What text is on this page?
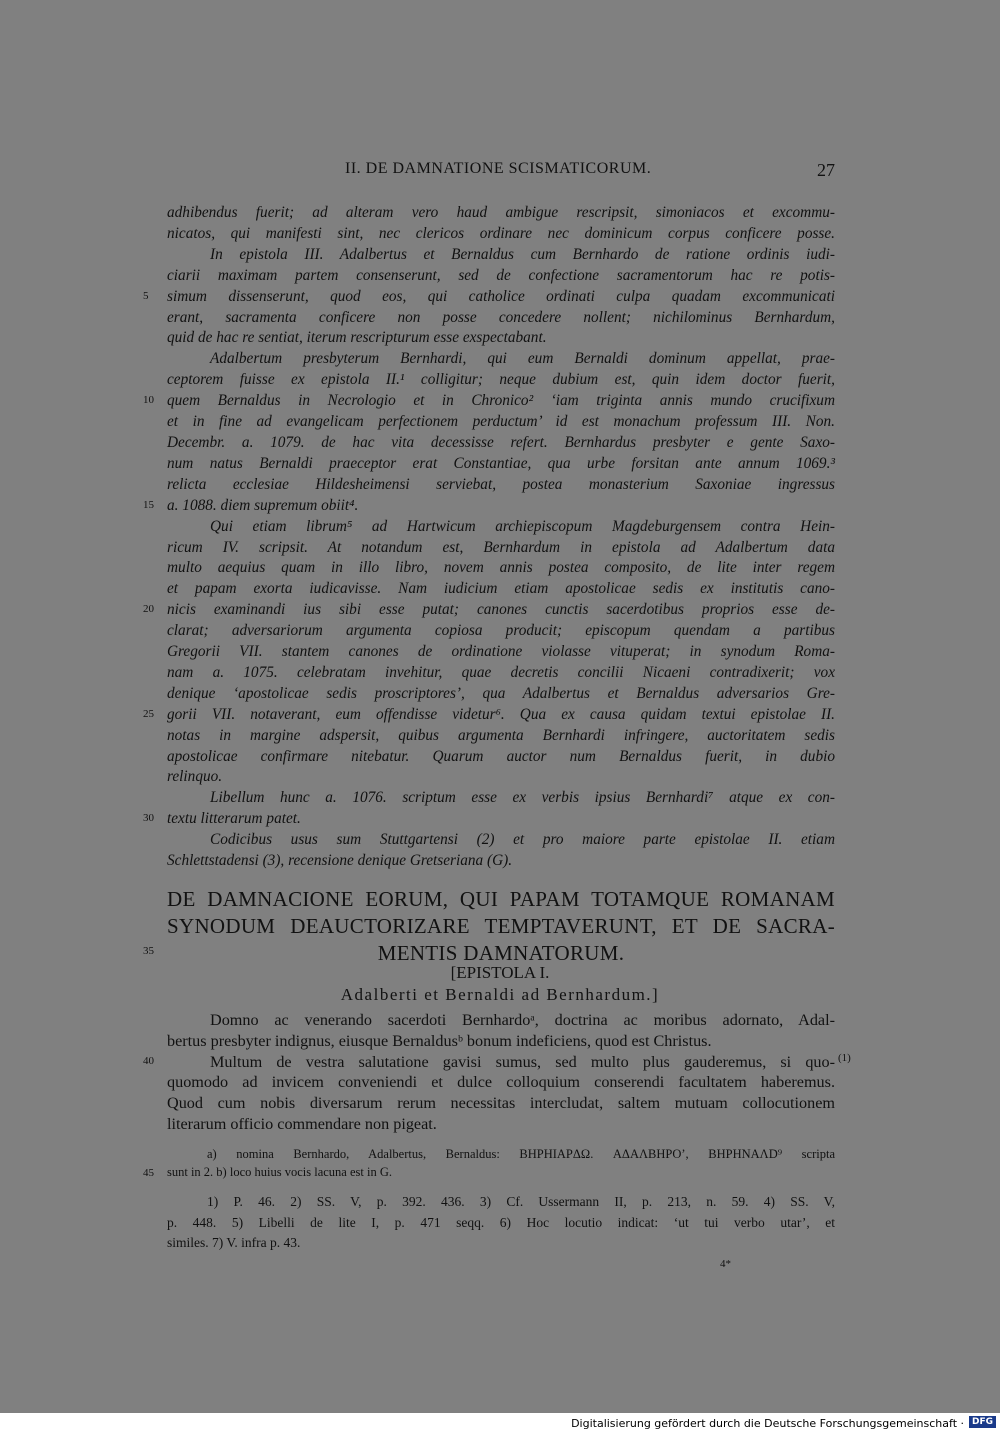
II. DE DAMNATIONE SCISMATICORUM.	27
adhibendus fuerit; ad alteram vero haud ambigue rescripsit, simoniacos et excommu-
nicatos, qui manifesti sint, nec clericos ordinare nec dominicum corpus conficere posse.
In epistola III. Adalbertus et Bernaldus cum Bernhardo de ratione ordinis iudi-
ciarii maximam partem consenserunt, sed de confectione sacramentorum hac re potis-
simum dissenserunt, quod eos, qui catholice ordinati culpa quadam excommunicati
erant, sacramenta conficere non posse concedere nollent; nichilominus Bernhardum,
quid de hac re sentiat, iterum rescripturum esse exspectabant.
Adalbertum presbyterum Bernhardi, qui eum Bernaldi dominum appellat, prae-
ceptorem fuisse ex epistola II.¹ colligitur; neque dubium est, quin idem doctor fuerit,
quem Bernaldus in Necrologio et in Chronico² ‘iam triginta annis mundo crucifixum
et in fine ad evangelicam perfectionem perductum’ id est monachum professum III. Non.
Decembr. a. 1079. de hac vita decessisse refert. Bernhardus presbyter e gente Saxo-
num natus Bernaldi praeceptor erat Constantiae, qua urbe forsitan ante annum 1069.³
relicta ecclesiae Hildesheimensi serviebat, postea monasterium Saxoniae ingressus
a. 1088. diem supremum obiit⁴.
Qui etiam librum⁵ ad Hartwicum archiepiscopum Magdeburgensem contra Hein-
ricum IV. scripsit. At notandum est, Bernhardum in epistola ad Adalbertum data
multo aequius quam in illo libro, novem annis postea composito, de lite inter regem
et papam exorta iudicavisse. Nam iudicium etiam apostolicae sedis ex institutis cano-
nicis examinandi ius sibi esse putat; canones cunctis sacerdotibus proprios esse de-
clarat; adversariorum argumenta copiosa producit; episcopum quendam a partibus
Gregorii VII. stantem canones de ordinatione violasse vituperat; in synodum Roma-
nam a. 1075. celebratam invehitur, quae decretis concilii Nicaeni contradixerit; vox
denique ‘apostolicae sedis proscriptores’, qua Adalbertus et Bernaldus adversarios Gre-
gorii VII. notaverant, eum offendisse videtur⁶. Qua ex causa quidam textui epistolae II.
notas in margine adspersit, quibus argumenta Bernhardi infringere, auctoritatem sedis
apostolicae confirmare nitebatur. Quarum auctor num Bernaldus fuerit, in dubio
relinquo.
Libellum hunc a. 1076. scriptum esse ex verbis ipsius Bernhardi⁷ atque ex con-
textu litterarum patet.
Codicibus usus sum Stuttgartensi (2) et pro maiore parte epistolae II. etiam
Schlettstadensi (3), recensione denique Gretseriana (G).
DE DAMNACIONE EORUM, QUI PAPAM TOTAMQUE ROMANAM
SYNODUM DEAUCTORIZARE TEMPTAVERUNT, ET DE SACRA-
MENTIS DAMNATORUM.
35
[EPISTOLA I.
Adalberti et Bernaldi ad Bernhardum.]
Domno ac venerando sacerdoti Bernhardoᵃ, doctrina ac moribus adornato, Adal-
bertus presbyter indignus, eiusque Bernaldusᵇ bonum indeficiens, quod est Christus.
Multum de vestra salutatione gavisi sumus, sed multo plus gauderemus, si quo-
quomodo ad invicem conveniendi et dulce colloquium conserendi facultatem haberemus.
Quod cum nobis diversarum rerum necessitas intercludat, saltem mutuam collocutionem
literarum officio commendare non pigeat.
(1)
a) nomina Bernhardo, Adalbertus, Bernaldus: BHPHIAPΔΩ. AΔAΛBHPO’, BHPHNAΛD⁹ scripta
sunt in 2. b) loco huius vocis lacuna est in G.
45
1) P. 46. 2) SS. V, p. 392. 436. 3) Cf. Ussermann II, p. 213, n. 59. 4) SS. V,
p. 448. 5) Libelli de lite I, p. 471 seqq. 6) Hoc locutio indicat: ‘ut tui verbo utar’, et
similes. 7) V. infra p. 43.
4*
Digitalisierung gefördert durch die Deutsche Forschungsgemeinschaft · DFG
5
10
15
20
25
30
40
